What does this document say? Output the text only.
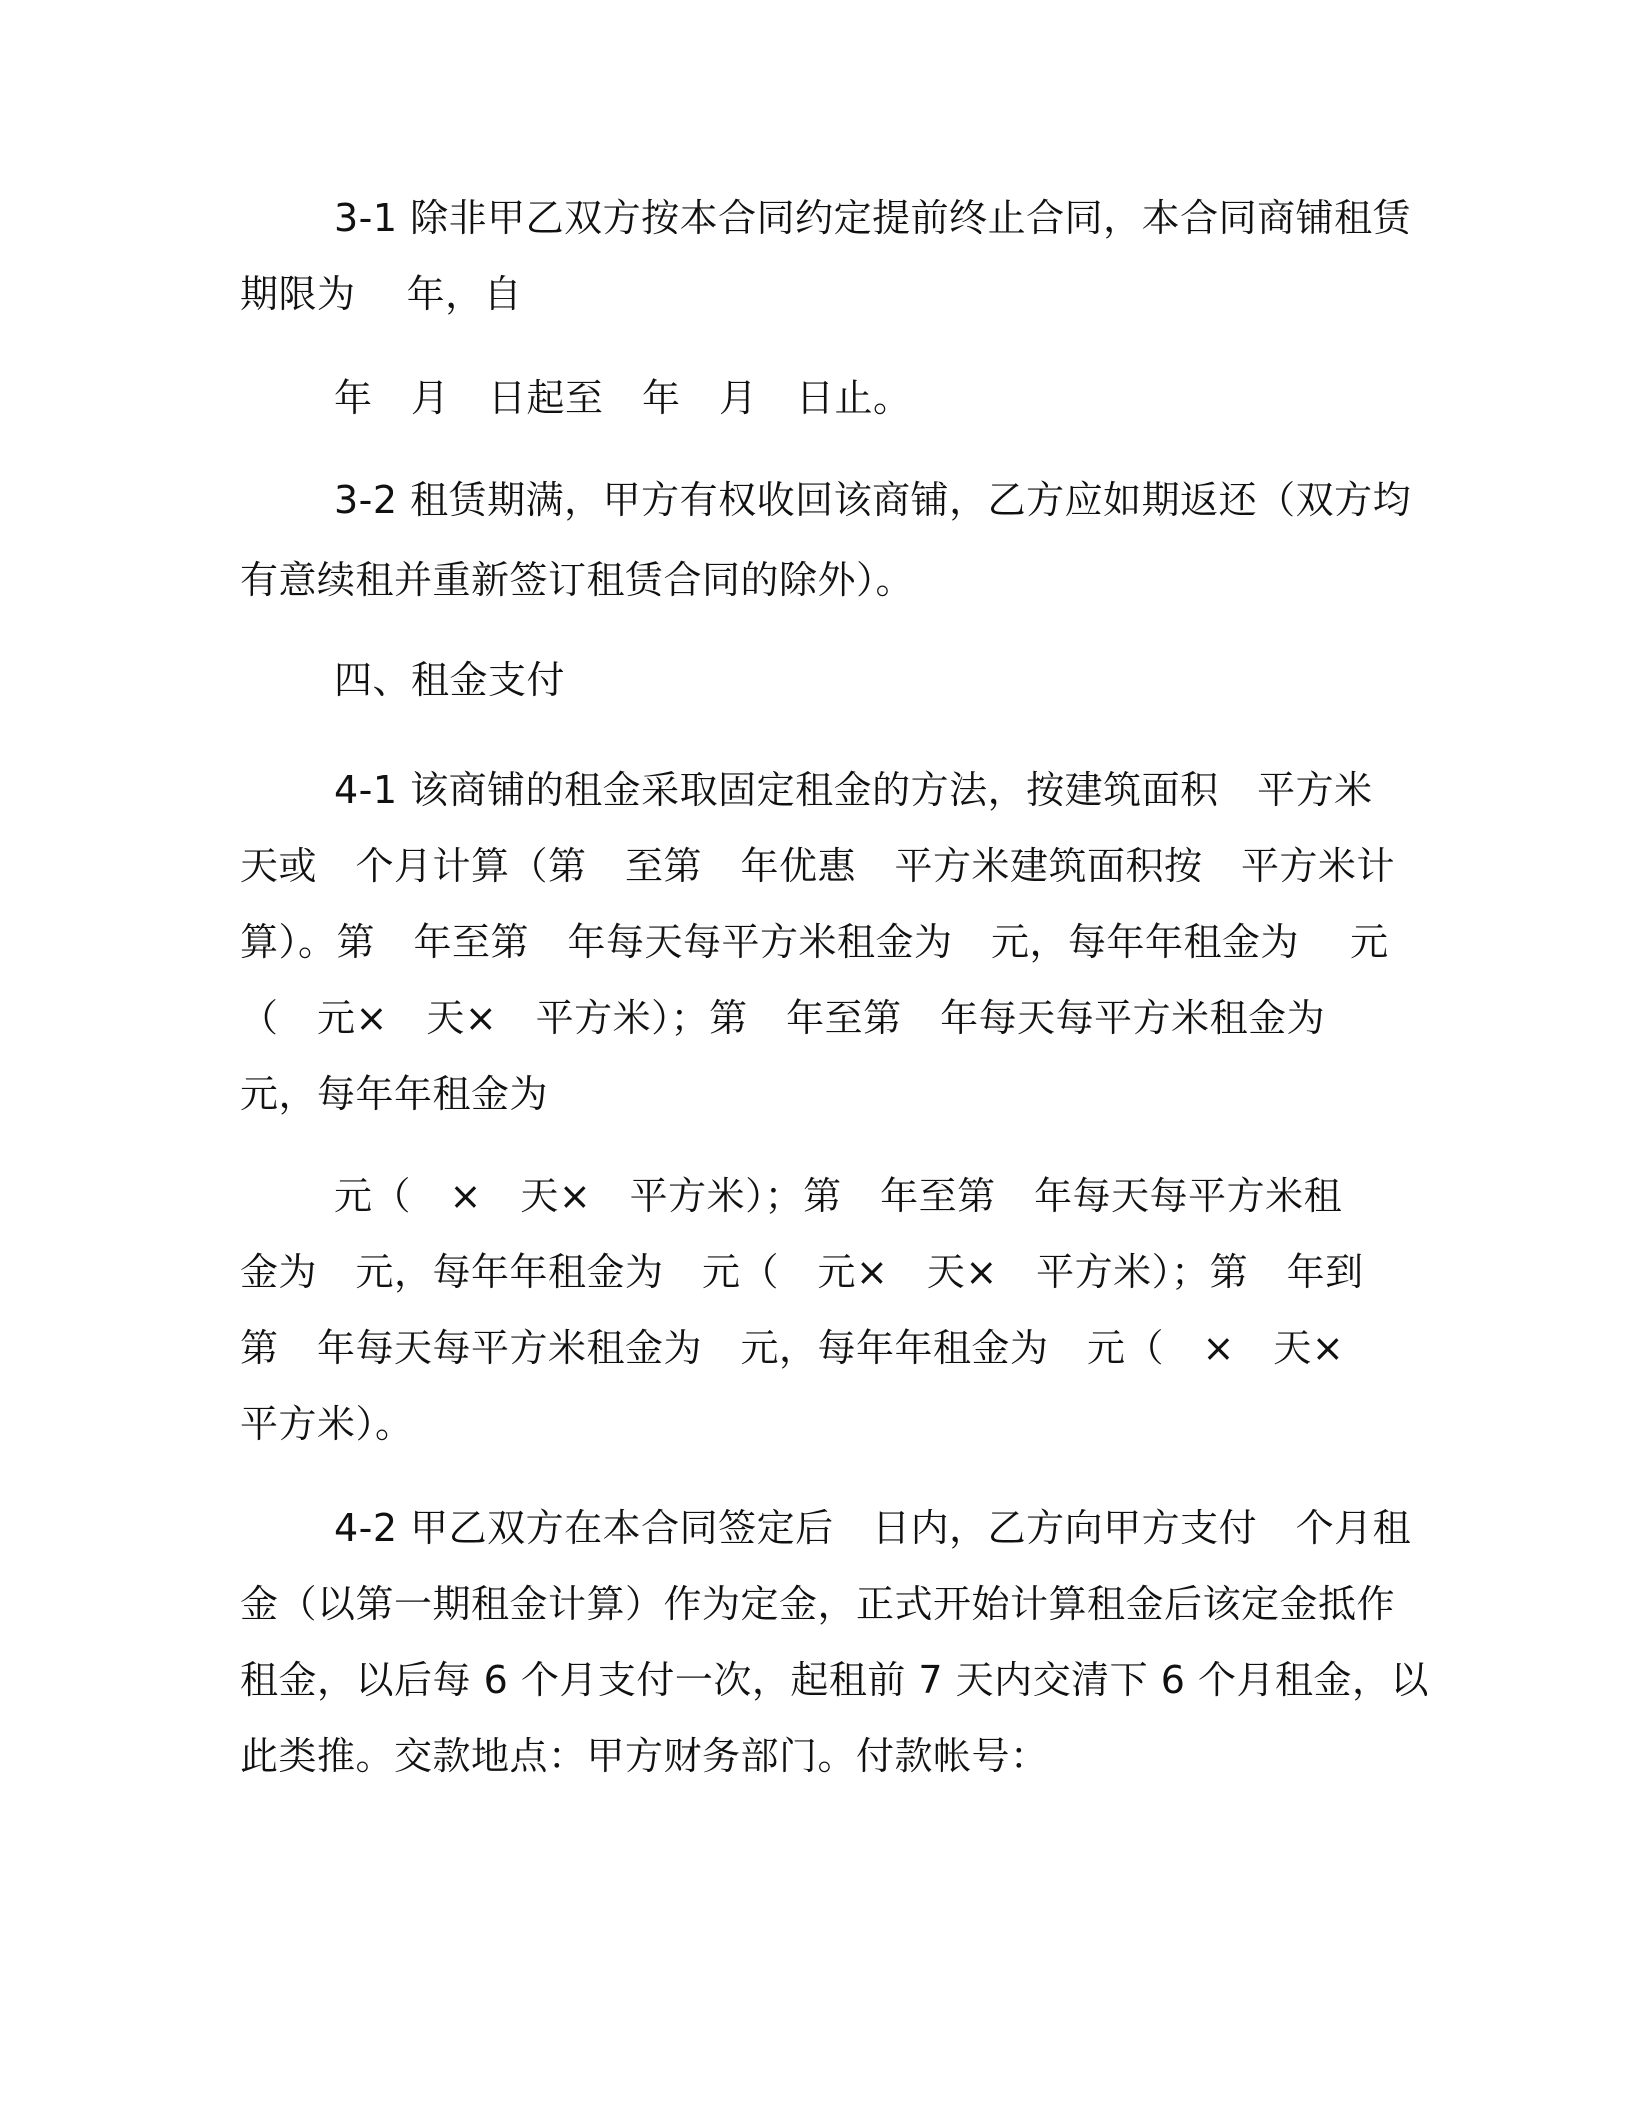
3-1 除非甲乙双方按本合同约定提前终止合同，本合同商铺租赁
期限为　 年，自
年　月　日起至　年　月　日止。
3-2 租赁期满，甲方有权收回该商铺，乙方应如期返还（双方均
有意续租并重新签订租赁合同的除外）。
四、租金支付
4-1 该商铺的租金采取固定租金的方法，按建筑面积　平方米
天或　个月计算（第　至第　年优惠　平方米建筑面积按　平方米计
算）。第　年至第　年每天每平方米租金为　元，每年年租金为　 元
（　元×　天×　平方米）；第　年至第　年每天每平方米租金为
元，每年年租金为
元（　×　天×　平方米）；第　年至第　年每天每平方米租
金为　元，每年年租金为　元（　元×　天×　平方米）；第　年到
第　年每天每平方米租金为　元，每年年租金为　元（　×　天×
平方米）。
4-2 甲乙双方在本合同签定后　日内，乙方向甲方支付　个月租
金（以第一期租金计算）作为定金，正式开始计算租金后该定金抵作
租金，以后每 6 个月支付一次，起租前 7 天内交清下 6 个月租金，以
此类推。交款地点：甲方财务部门。付款帐号：
